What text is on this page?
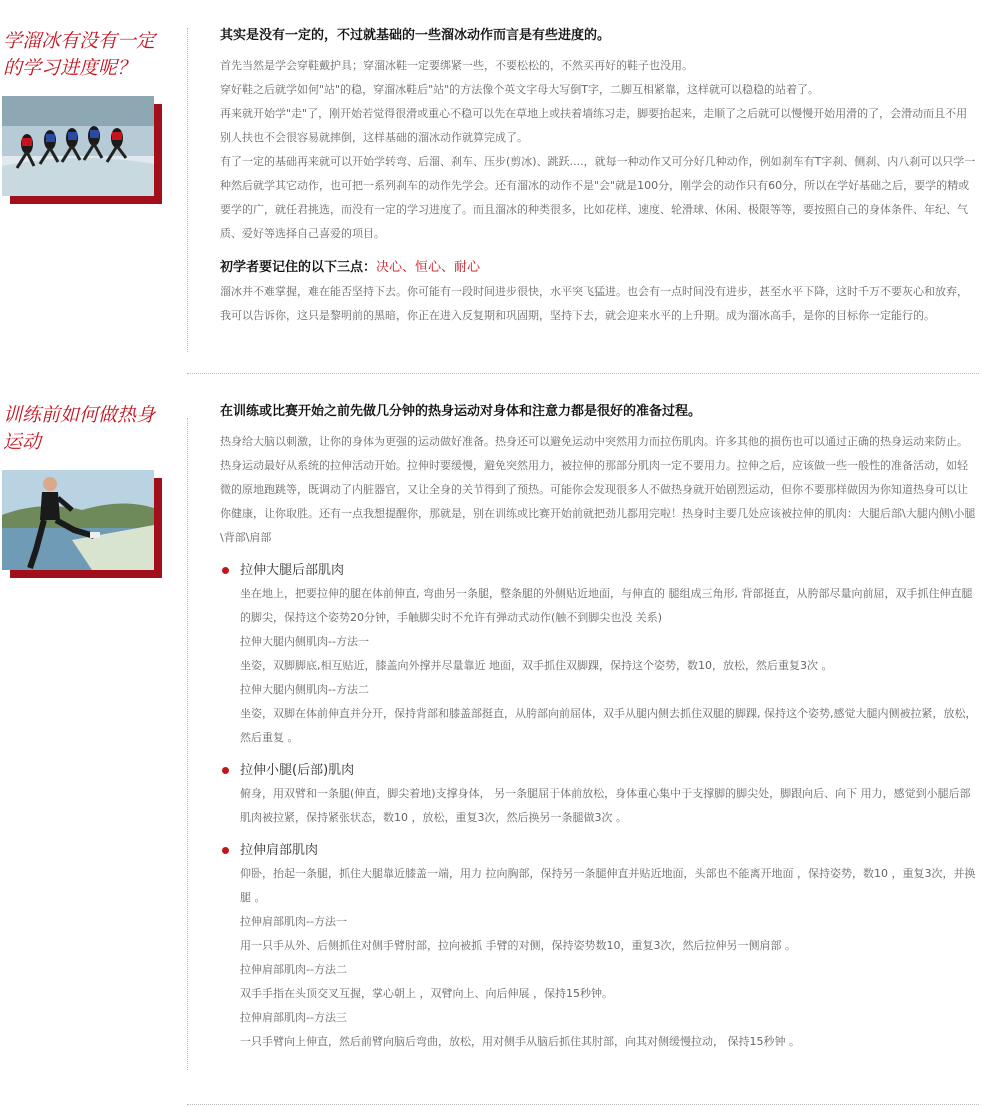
学溜冰有没有一定的学习进度呢？
其实是没有一定的，不过就基础的一些溜冰动作而言是有些进度的。

首先当然是学会穿鞋戴护具；穿溜冰鞋一定要绑紧一些，不要松松的，不然买再好的鞋子也没用。

穿好鞋之后就学如何"站"的稳，穿溜冰鞋后"站"的方法像个英文字母大写倒T字，二脚互相紧靠，这样就可以稳稳的站着了。

再来就开始学"走"了，刚开始若觉得很滑或重心不稳可以先在草地上或扶着墙练习走，脚要抬起来，走顺了之后就可以慢慢开始用滑的了，会滑动而且不用别人扶也不会很容易就摔倒，这样基础的溜冰动作就算完成了。

有了一定的基础再来就可以开始学转弯、后溜、刹车、压步(剪冰)、跳跃....，就每一种动作又可分好几种动作，例如刹车有T字刹、侧刹、内八刹可以只学一种然后就学其它动作，也可把一系列刹车的动作先学会。还有溜冰的动作不是"会"就是100分，刚学会的动作只有60分，所以在学好基础之后，要学的精或要学的广，就任君挑选，而没有一定的学习进度了。而且溜冰的种类很多，比如花样、速度、轮滑球、休闲、极限等等，要按照自己的身体条件、年纪、气质、爱好等选择自己喜爱的项目。

初学者要记住的以下三点：决心、恒心、耐心

溜冰并不难掌握，难在能否坚持下去。你可能有一段时间进步很快，水平突飞猛进。也会有一点时间没有进步，甚至水平下降，这时千万不要灰心和放弃，我可以告诉你，这只是黎明前的黑暗，你正在进入反复期和巩固期，坚持下去，就会迎来水平的上升期。成为溜冰高手，是你的目标你一定能行的。

训练前如何做热身运动
在训练或比赛开始之前先做几分钟的热身运动对身体和注意力都是很好的准备过程。

热身给大脑以刺激，让你的身体为更强的运动做好准备。热身还可以避免运动中突然用力而拉伤肌肉。许多其他的损伤也可以通过正确的热身运动来防止。

热身运动最好从系统的拉伸活动开始。拉伸时要缓慢，避免突然用力，被拉伸的那部分肌肉一定不要用力。拉伸之后，应该做一些一般性的准备活动，如轻微的原地跑跳等，既调动了内脏器官，又让全身的关节得到了预热。可能你会发现很多人不做热身就开始剧烈运动，但你不要那样做因为你知道热身可以让你健康，让你取胜。还有一点我想提醒你，那就是，别在训练或比赛开始前就把劲儿都用完啦！热身时主要几处应该被拉伸的肌肉：大腿后部\大腿内侧\小腿\背部\肩部

拉伸大腿后部肌肉

坐在地上，把要拉伸的腿在体前伸直, 弯曲另一条腿，整条腿的外侧贴近地面，与伸直的 腿组成三角形, 背部挺直，从胯部尽量向前屈，双手抓住伸直腿的脚尖，保持这个姿势20分钟，手触脚尖时不允许有弹动式动作(触不到脚尖也没 关系)

拉伸大腿内侧肌肉--方法一

坐姿，双脚脚底,相互贴近，膝盖向外撑并尽量靠近 地面，双手抓住双脚踝，保持这个姿势，数10，放松，然后重复3次 。

拉伸大腿内侧肌肉--方法二

坐姿，双脚在体前伸直并分开，保持背部和膝盖部挺直，从胯部向前屈体，双手从腿内侧去抓住双腿的脚踝, 保持这个姿势,感觉大腿内侧被拉紧，放松，然后重复 。

拉伸小腿(后部)肌肉

俯身，用双臂和一条腿(伸直，脚尖着地)支撑身体， 另一条腿屈于体前放松，身体重心集中于支撑脚的脚尖处，脚跟向后、向下 用力，感觉到小腿后部肌肉被拉紧，保持紧张状态，数10 ，放松，重复3次，然后换另一条腿做3次 。

拉伸肩部肌肉

仰卧，抬起一条腿，抓住大腿靠近膝盖一端，用力 拉向胸部，保持另一条腿伸直并贴近地面，头部也不能离开地面 ，保持姿势，数10 ，重复3次，并换腿 。

拉伸肩部肌肉--方法一

用一只手从外、后侧抓住对侧手臂肘部，拉向被抓 手臂的对侧，保持姿势数10，重复3次，然后拉伸另一侧肩部 。

拉伸肩部肌肉--方法二

双手手指在头顶交叉互握，掌心朝上 ，双臂向上、向后伸展 ，保持15秒钟。

拉伸肩部肌肉--方法三

一只手臂向上伸直，然后前臂向脑后弯曲，放松，用对侧手从脑后抓住其肘部，向其对侧缓慢拉动， 保持15秒钟 。
